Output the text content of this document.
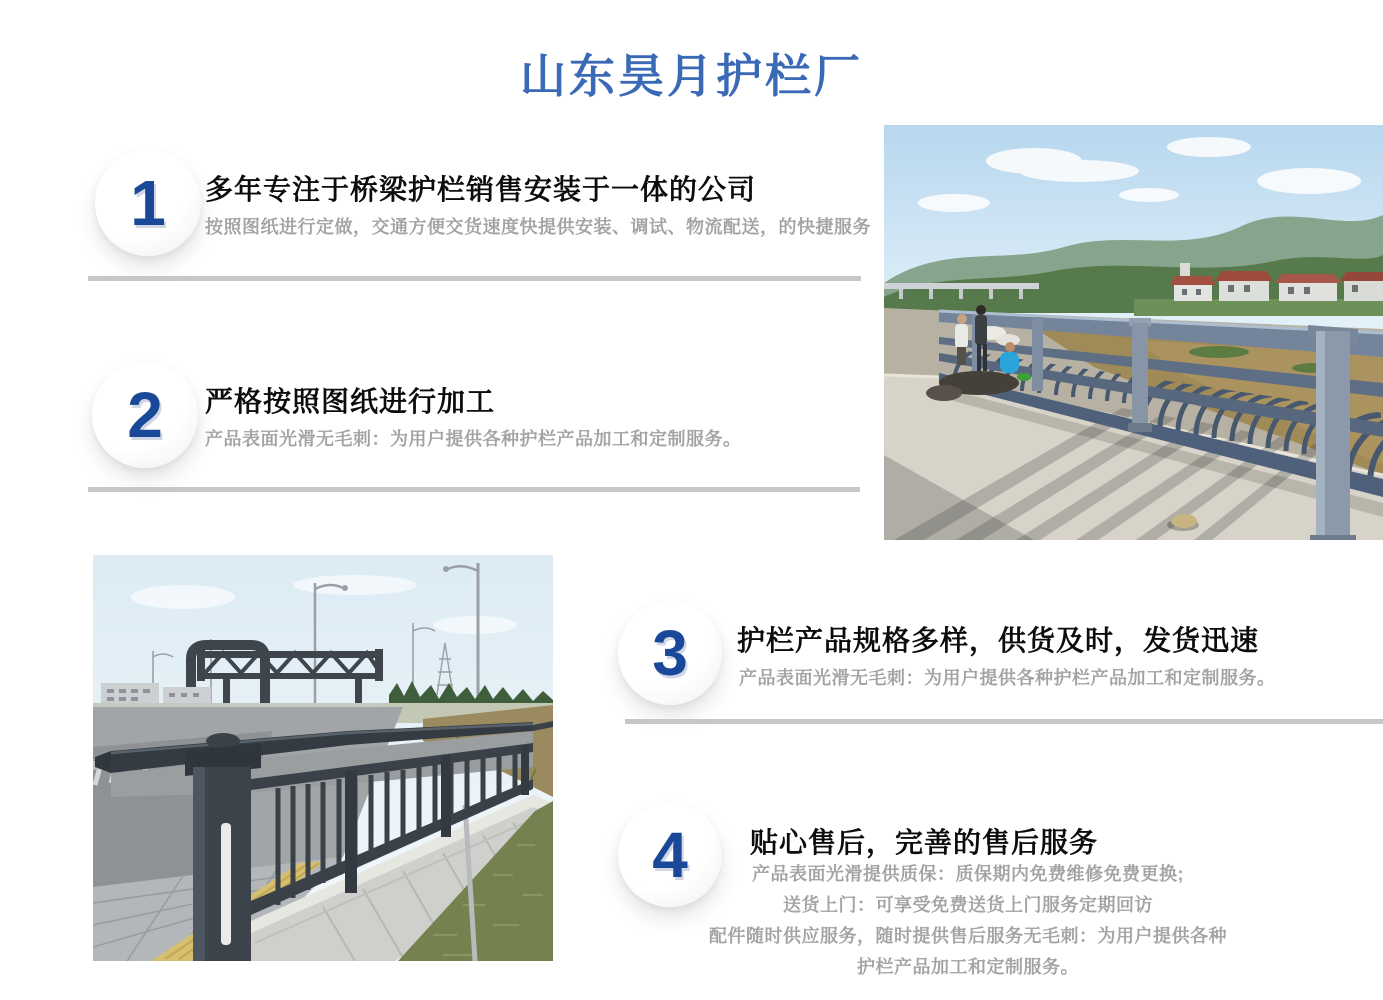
山东昊月护栏厂
1 多年专注于桥梁护栏销售安装于一体的公司

按照图纸进行定做，交通方便交货速度快提供安装、调试、物流配送，的快捷服务

2 严格按照图纸进行加工

产品表面光滑无毛刺：为用户提供各种护栏产品加工和定制服务。

3 护栏产品规格多样，供货及时，发货迅速

产品表面光滑无毛刺：为用户提供各种护栏产品加工和定制服务。

4 贴心售后，完善的售后服务

产品表面光滑提供质保：质保期内免费维修免费更换;

送货上门：可享受免费送货上门服务定期回访

配件随时供应服务，随时提供售后服务无毛刺：为用户提供各种

护栏产品加工和定制服务。
